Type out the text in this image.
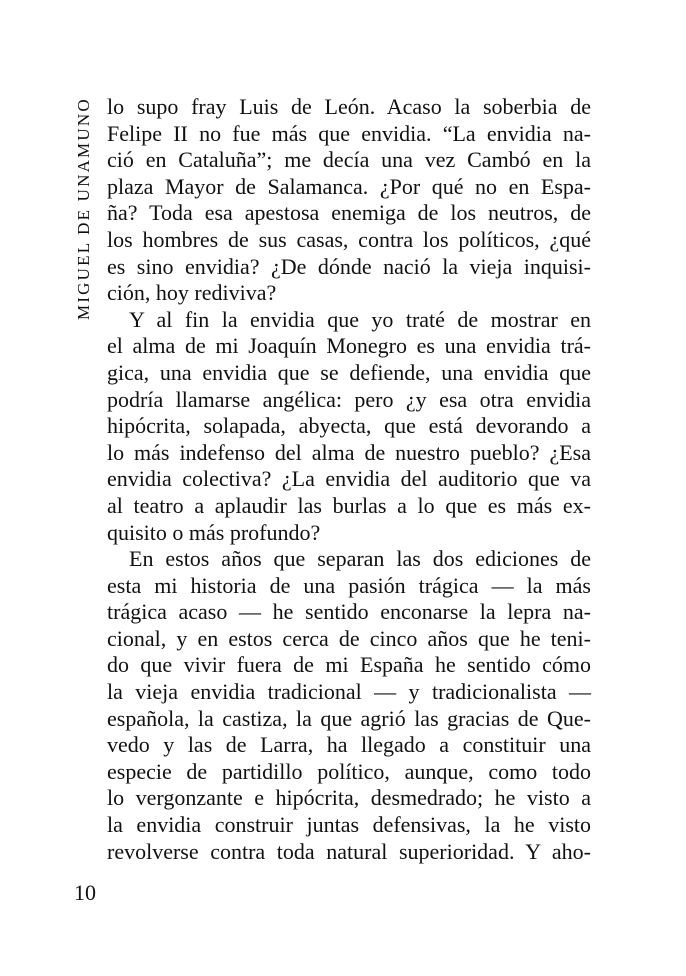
MIGUEL DE UNAMUNO lo supo fray Luis de León. Acaso la soberbia de
Felipe II no fue más que envidia. “La envidia na-
ció en Cataluña”; me decía una vez Cambó en la
plaza Mayor de Salamanca. ¿Por qué no en Espa-
ña? Toda esa apestosa enemiga de los neutros, de
los hombres de sus casas, contra los políticos, ¿qué
es sino envidia? ¿De dónde nació la vieja inquisi-
ción, hoy rediviva?
Y al fin la envidia que yo traté de mostrar en
el alma de mi Joaquín Monegro es una envidia trá-
gica, una envidia que se defiende, una envidia que
podría llamarse angélica: pero ¿y esa otra envidia
hipócrita, solapada, abyecta, que está devorando a
lo más indefenso del alma de nuestro pueblo? ¿Esa
envidia colectiva? ¿La envidia del auditorio que va
al teatro a aplaudir las burlas a lo que es más ex-
quisito o más profundo?
En estos años que separan las dos ediciones de
esta mi historia de una pasión trágica — la más
trágica acaso — he sentido enconarse la lepra na-
cional, y en estos cerca de cinco años que he teni-
do que vivir fuera de mi España he sentido cómo
la vieja envidia tradicional — y tradicionalista —
española, la castiza, la que agrió las gracias de Que-
vedo y las de Larra, ha llegado a constituir una
especie de partidillo político, aunque, como todo
lo vergonzante e hipócrita, desmedrado; he visto a
la envidia construir juntas defensivas, la he visto
revolverse contra toda natural superioridad. Y aho-
10
